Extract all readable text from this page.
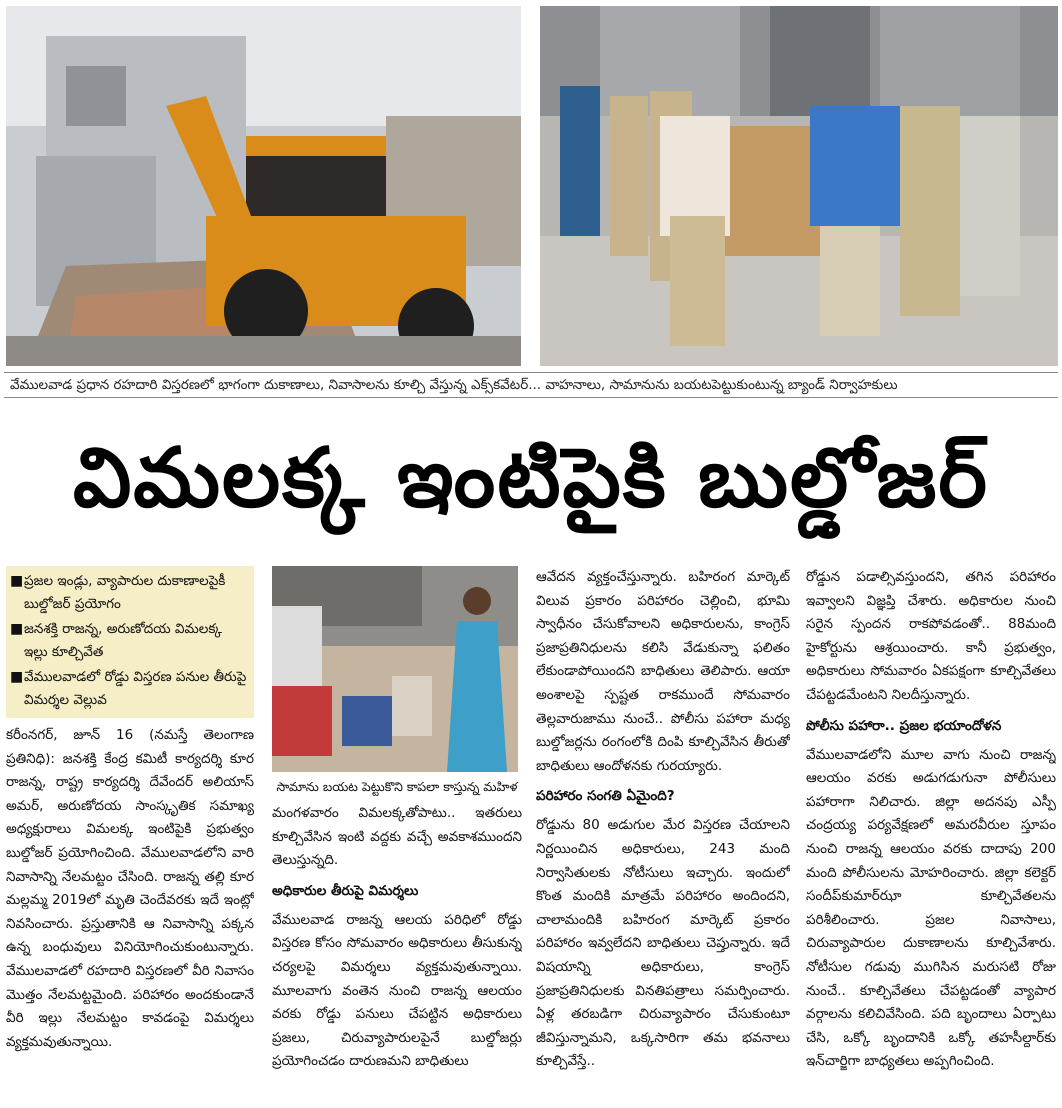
వేములవాడ ప్రధాన రహదారి విస్తరణలో భాగంగా దుకాణాలు, నివాసాలను కూల్చి వేస్తున్న ఎక్స్‌కవేటర్... వాహనాలు, సామానును బయటపెట్టుకుంటున్న బ్యాండ్ నిర్వాహకులు
విమలక్క ఇంటిపైకి బుల్డోజర్
■ ప్రజల ఇండ్లు, వ్యాపారుల దుకాణాలపైకీ బుల్డోజర్ ప్రయోగం
■ జనశక్తి రాజన్న, అరుణోదయ విమలక్క ఇల్లు కూల్చివేత
■ వేములవాడలో రోడ్డు విస్తరణ పనుల తీరుపై విమర్శల వెల్లువ

కరీంనగర్, జూన్ 16 (నమస్తే తెలంగాణ ప్రతినిధి): జనశక్తి కేంద్ర కమిటీ కార్యదర్శి కూర రాజన్న, రాష్ట్ర కార్యదర్శి దేవేందర్ అలియాస్ అమర్, అరుణోదయ సాంస్కృతిక సమాఖ్య అధ్యక్షురాలు విమలక్క ఇంటిపైకి ప్రభుత్వం బుల్డోజర్ ప్రయోగించింది. వేములవాడలోని వారి నివాసాన్ని నేలమట్టం చేసింది. రాజన్న తల్లి కూర మల్లమ్మ 2019లో మృతి చెందేవరకు ఇదే ఇంట్లో నివసించారు. ప్రస్తుతానికి ఆ నివాసాన్ని పక్కన ఉన్న బంధువులు వినియోగించుకుంటున్నారు. వేములవాడలో రహదారి విస్తరణలో వీరి నివాసం మొత్తం నేలమట్టమైంది. పరిహారం అందకుండానే వీరి ఇల్లు నేలమట్టం కావడంపై విమర్శలు వ్యక్తమవుతున్నాయి.

సామాను బయట పెట్టుకొని కాపలా కాస్తున్న మహిళ

మంగళవారం విమలక్కతోపాటు.. ఇతరులు కూల్చివేసిన ఇంటి వద్దకు వచ్చే అవకాశముందని తెలుస్తున్నది.

అధికారుల తీరుపై విమర్శలు

వేములవాడ రాజన్న ఆలయ పరిధిలో రోడ్డు విస్తరణ కోసం సోమవారం అధికారులు తీసుకున్న చర్యలపై విమర్శలు వ్యక్తమవుతున్నాయి. మూలవాగు వంతెన నుంచి రాజన్న ఆలయం వరకు రోడ్డు పనులు చేపట్టిన అధికారులు ప్రజలు, చిరువ్యాపారులపైనే బుల్డోజర్లు ప్రయోగించడం దారుణమని బాధితులు

ఆవేదన వ్యక్తంచేస్తున్నారు. బహిరంగ మార్కెట్ విలువ ప్రకారం పరిహారం చెల్లించి, భూమి స్వాధీనం చేసుకోవాలని అధికారులను, కాంగ్రెస్ ప్రజాప్రతినిధులను కలిసి వేడుకున్నా ఫలితం లేకుండాపోయిందని బాధితులు తెలిపారు. ఆయా అంశాలపై స్పష్టత రాకముందే సోమవారం తెల్లవారుజాము నుంచే.. పోలీసు పహారా మధ్య బుల్డోజర్లను రంగంలోకి దింపి కూల్చివేసిన తీరుతో బాధితులు ఆందోళనకు గురయ్యారు.

పరిహారం సంగతి ఏమైంది?

రోడ్డును 80 అడుగుల మేర విస్తరణ చేయాలని నిర్ణయించిన అధికారులు, 243 మంది నిర్వాసితులకు నోటీసులు ఇచ్చారు. ఇందులో కొంత మందికి మాత్రమే పరిహారం అందిందని, చాలామందికి బహిరంగ మార్కెట్ ప్రకారం పరిహారం ఇవ్వలేదని బాధితులు చెప్తున్నారు. ఇదే విషయాన్ని అధికారులు, కాంగ్రెస్ ప్రజాప్రతినిధులకు వినతిపత్రాలు సమర్పించారు. ఏళ్ల తరబడిగా చిరువ్యాపారం చేసుకుంటూ జీవిస్తున్నామని, ఒక్కసారిగా తమ భవనాలు కూల్చివేస్తే..

రోడ్డున పడాల్సివస్తుందని, తగిన పరిహారం ఇవ్వాలని విజ్ఞప్తి చేశారు. అధికారుల నుంచి సరైన స్పందన రాకపోవడంతో.. 88మంది హైకోర్టును ఆశ్రయించారు. కానీ ప్రభుత్వం, అధికారులు సోమవారం ఏకపక్షంగా కూల్చివేతలు చేపట్టడమేంటని నిలదీస్తున్నారు.

పోలీసు పహారా.. ప్రజల భయాందోళన

వేములవాడలోని మూల వాగు నుంచి రాజన్న ఆలయం వరకు అడుగడుగునా పోలీసులు పహారాగా నిలిచారు. జిల్లా అదనపు ఎస్పీ చంద్రయ్య పర్యవేక్షణలో అమరవీరుల స్తూపం నుంచి రాజన్న ఆలయం వరకు దాదాపు 200 మంది పోలీసులను మోహరించారు. జిల్లా కలెక్టర్ సందీప్‌కుమార్‌ఝా కూల్చివేతలను పరిశీలించారు. ప్రజల నివాసాలు, చిరువ్యాపారుల దుకాణాలను కూల్చివేశారు. నోటీసుల గడువు ముగిసిన మరుసటి రోజు నుంచే.. కూల్చివేతలు చేపట్టడంతో వ్యాపార వర్గాలను కలిచివేసింది. పది బృందాలు ఏర్పాటు చేసి, ఒక్కో బృందానికి ఒక్కో తహసీల్దార్‌కు ఇన్‌చార్జిగా బాధ్యతలు అప్పగించింది.
